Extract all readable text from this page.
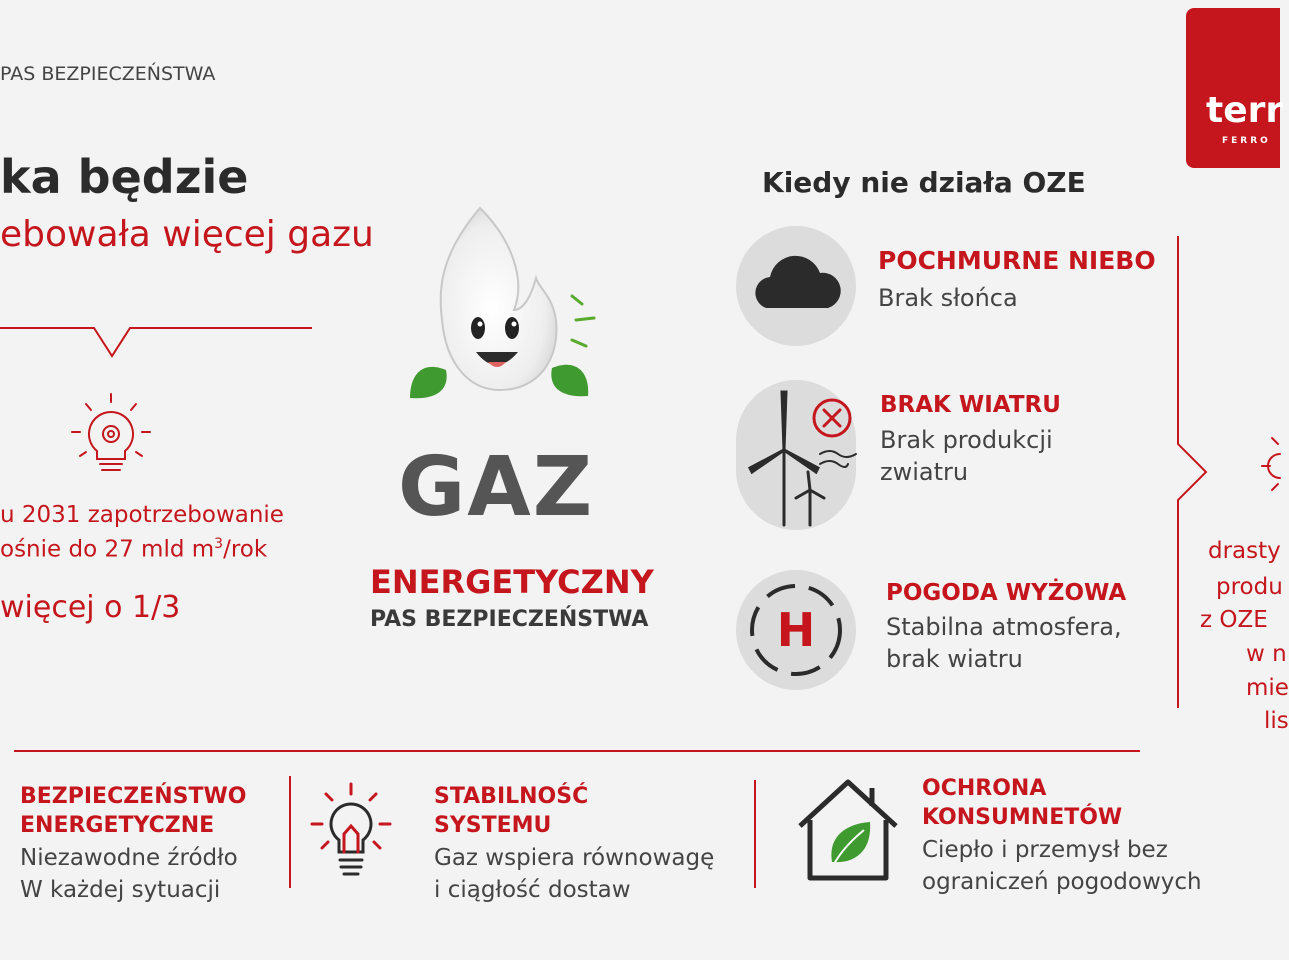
PAS BEZPIECZEŃSTWA
ka będzie
ebowała więcej gazu
u 2031 zapotrzebowanie
ośnie do 27 mld $m^3$/rok
więcej o 1/3
GAZ
ENERGETYCZNY
PAS BEZPIECZEŃSTWA
Kiedy nie działa OZE
POCHMURNE NIEBO
Brak słońca
BRAK WIATRU
Brak produkcji
zwiatru
H
POGODA WYŻOWA
Stabilna atmosfera,
brak wiatru
drasty
produ
z OZE
w n
mie
lis
terr
FERRO
BEZPIECZEŃSTWO
ENERGETYCZNE
Niezawodne źródło
W każdej sytuacji
STABILNOŚĆ
SYSTEMU
Gaz wspiera równowagę
i ciągłość dostaw
OCHRONA
KONSUMNETÓW
Ciepło i przemysł bez
ograniczeń pogodowych
